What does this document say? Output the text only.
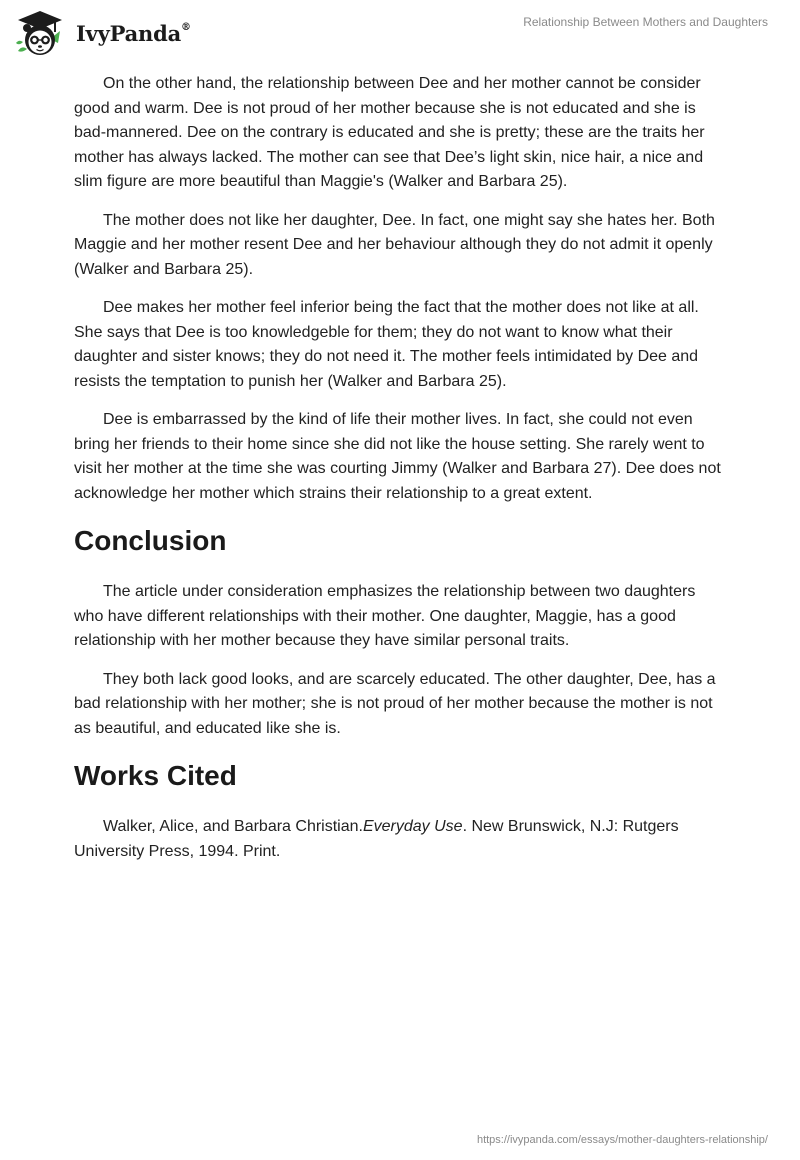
IvyPanda®	Relationship Between Mothers and Daughters

On the other hand, the relationship between Dee and her mother cannot be consider good and warm. Dee is not proud of her mother because she is not educated and she is bad-mannered. Dee on the contrary is educated and she is pretty; these are the traits her mother has always lacked. The mother can see that Dee’s light skin, nice hair, a nice and slim figure are more beautiful than Maggie's (Walker and Barbara 25).

The mother does not like her daughter, Dee. In fact, one might say she hates her. Both Maggie and her mother resent Dee and her behaviour although they do not admit it openly (Walker and Barbara 25).

Dee makes her mother feel inferior being the fact that the mother does not like at all. She says that Dee is too knowledgeble for them; they do not want to know what their daughter and sister knows; they do not need it. The mother feels intimidated by Dee and resists the temptation to punish her (Walker and Barbara 25).

Dee is embarrassed by the kind of life their mother lives. In fact, she could not even bring her friends to their home since she did not like the house setting. She rarely went to visit her mother at the time she was courting Jimmy (Walker and Barbara 27). Dee does not acknowledge her mother which strains their relationship to a great extent.

Conclusion

The article under consideration emphasizes the relationship between two daughters who have different relationships with their mother. One daughter, Maggie, has a good relationship with her mother because they have similar personal traits.

They both lack good looks, and are scarcely educated. The other daughter, Dee, has a bad relationship with her mother; she is not proud of her mother because the mother is not as beautiful, and educated like she is.

Works Cited

Walker, Alice, and Barbara Christian.Everyday Use. New Brunswick, N.J: Rutgers University Press, 1994. Print.

https://ivypanda.com/essays/mother-daughters-relationship/
